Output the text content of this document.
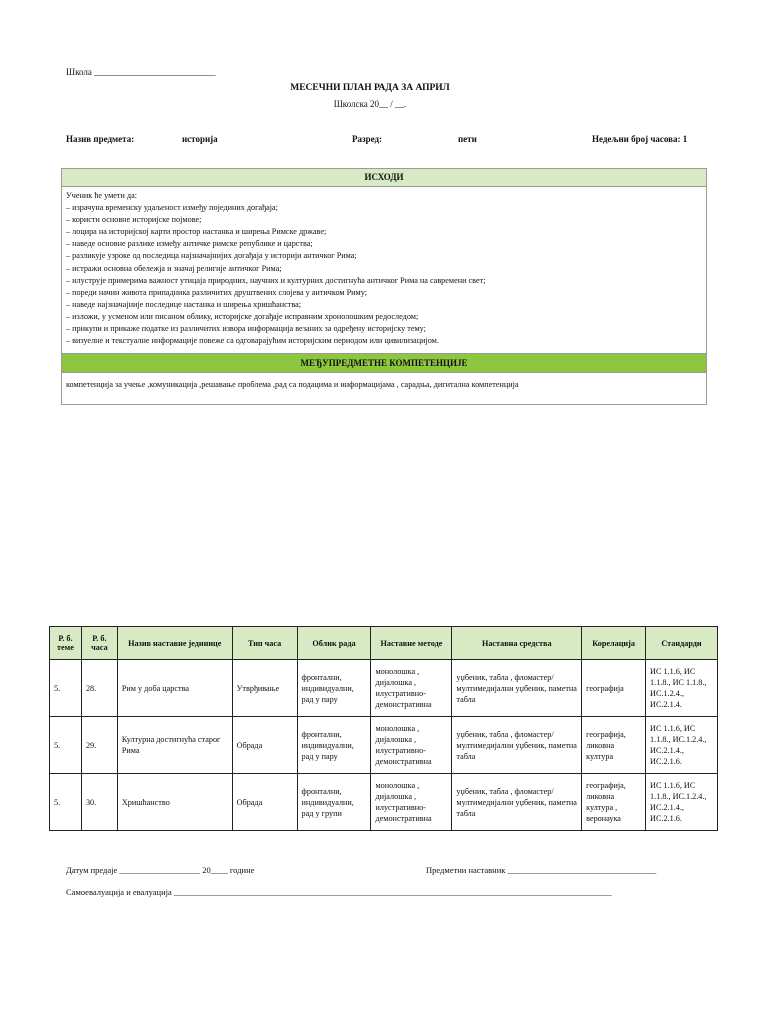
Школа ___________________________
МЕСЕЧНИ ПЛАН РАДА ЗА АПРИЛ
Школска 20__ / __.
Назив предмета:	историја	Разред:	пети	Недељни број часова: 1
ИСХОДИ
Ученик ће умети да:
– израчуна временску удаљеност између појединих догађаја;
– користи основне историјске појмове;
– лоцира на историјској карти простор настанка и ширења Римске државе;
– наведе основне разлике између античке римске републике и царства;
– разликује узроке од последица најзначајнијих догађаја у историји античког Рима;
– истражи основна обележја и значај религије античког Рима;
– илуструје примерима важност утицаја природних, научних и културних достигнућа античког Рима на савремени свет;
– пореди начин живота припадника различитих друштвених слојева у античком Риму;
– наведе најзначајније последице настанка и ширења хришћанства;
– изложи, у усменом или писаном облику, историјске догађаје исправним хронолошким редоследом;
– прикупи и прикаже податке из различитих извора информација везаних за одређену историјску тему;
– визуелне и текстуалне информације повеже са одговарајућим историјским периодом или цивилизацијом.
МЕЂУПРЕДМЕТНЕ КОМПЕТЕНЦИЈЕ
компетенција за учење ,комуникација ,решавање проблема ,рад са подацима и информацијама , сарадња, дигитална компетенција
Р. б. теме	Р. б. часа	Назив наставне јединице	Тип часа	Облик рада	Наставне методе	Наставна средства	Корелација	Стандарди
5.	28.	Рим у доба царства	Утврђивање	фронтални, индивидуални, рад у пару	монолошка , дијалошка , илустративно-демонстративна	уџбеник, табла , фломастер/мултимедијални уџбеник, паметна табла	географија	ИС 1.1.6, ИС 1.1.8., ИС 1.1.8., ИС.1.2.4., ИС.2.1.4.
5.	29.	Културна достигнућа старог Рима	Обрада	фронтални, индивидуални, рад у пару	монолошка , дијалошка , илустративно-демонстративна	уџбеник, табла , фломастер/мултимедијални уџбеник, паметна табла	географија, ликовна култура	ИС 1.1.6, ИС 1.1.8., ИС.1.2.4., ИС.2.1.4., ИС.2.1.6.
5.	30.	Хришћанство	Обрада	фронтални, индивидуални, рад у групи	монолошка , дијалошка , илустративно-демонстративна	уџбеник, табла , фломастер/мултимедијални уџбеник, паметна табла	географија, ликовна култура , веронаука	ИС 1.1.6, ИС 1.1.8., ИС.1.2.4., ИС.2.1.4., ИС.2.1.6.
Датум предаје ___________________ 20____ године	Предметни наставник ___________________________________
Самоевалуација и евалуација _______________________________________________________________________________________________________
